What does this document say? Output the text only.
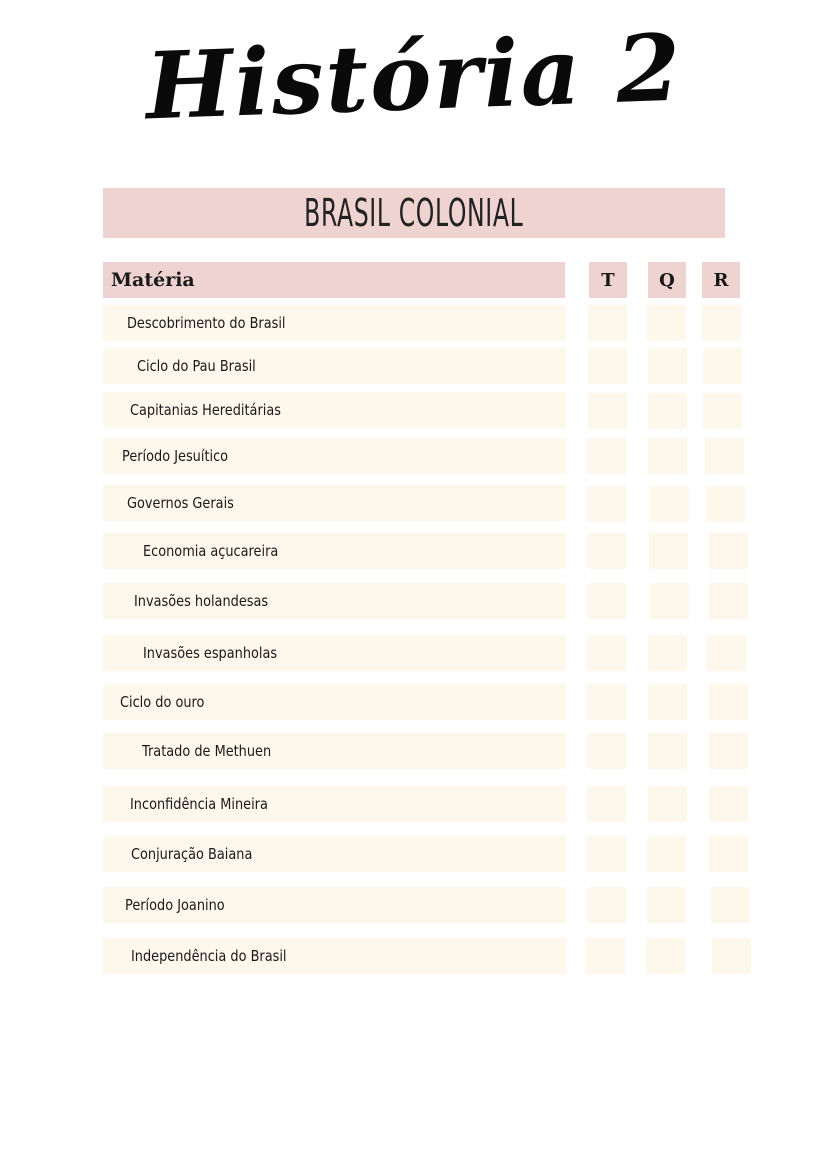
História 2
BRASIL COLONIAL
Matéria	T	Q	R
Descobrimento do Brasil
Ciclo do Pau Brasil
Capitanias Hereditárias
Período Jesuítico
Governos Gerais
Economia açucareira
Invasões holandesas
Invasões espanholas
Ciclo do ouro
Tratado de Methuen
Inconfidência Mineira
Conjuração Baiana
Período Joanino
Independência do Brasil
